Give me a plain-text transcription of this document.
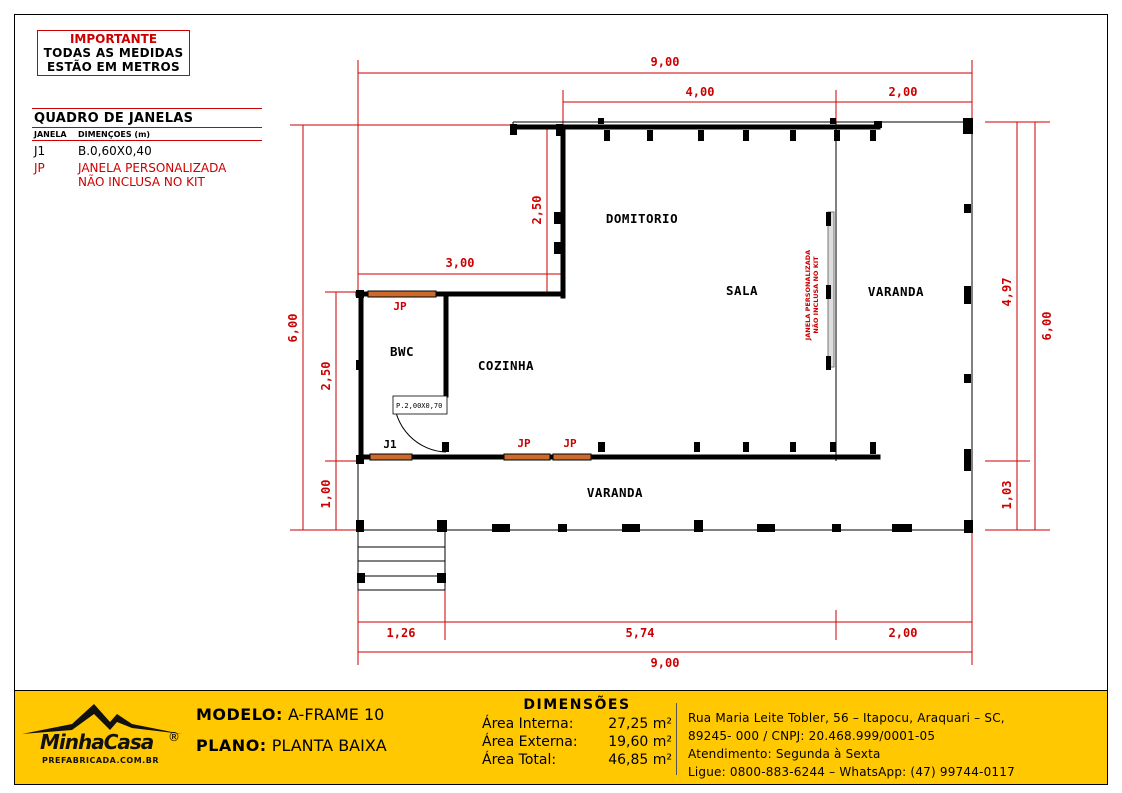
IMPORTANTE
TODAS AS MEDIDAS
ESTÃO EM METROS
QUADRO DE JANELAS
JANELA	DIMENÇOES (m)
J1	B.0,60X0,40
JP	JANELA PERSONALIZADA
NÃO INCLUSA NO KIT
9,00
4,00	2,00
3,00
2,50
6,00
2,50
1,00
4,97
1,03
6,00
1,26	5,74	2,00
9,00
P.2,00X0,70
DOMITORIO
SALA	VARANDA
BWC
COZINHA
VARANDA
JP
JP	JP
J1
JANELA PERSONALIZADA NÃO INCLUSA NO KIT
MinhaCasa ®
PREFABRICADA.COM.BR
MODELO: A-FRAME 10
PLANO: PLANTA BAIXA
DIMENSÕES
Área Interna: 27,25 m²
Área Externa: 19,60 m²
Área Total:	46,85 m²
Rua Maria Leite Tobler, 56 – Itapocu, Araquari – SC,
89245- 000 / CNPJ: 20.468.999/0001-05
Atendimento: Segunda à Sexta
Ligue: 0800-883-6244 – WhatsApp: (47) 99744-0117
